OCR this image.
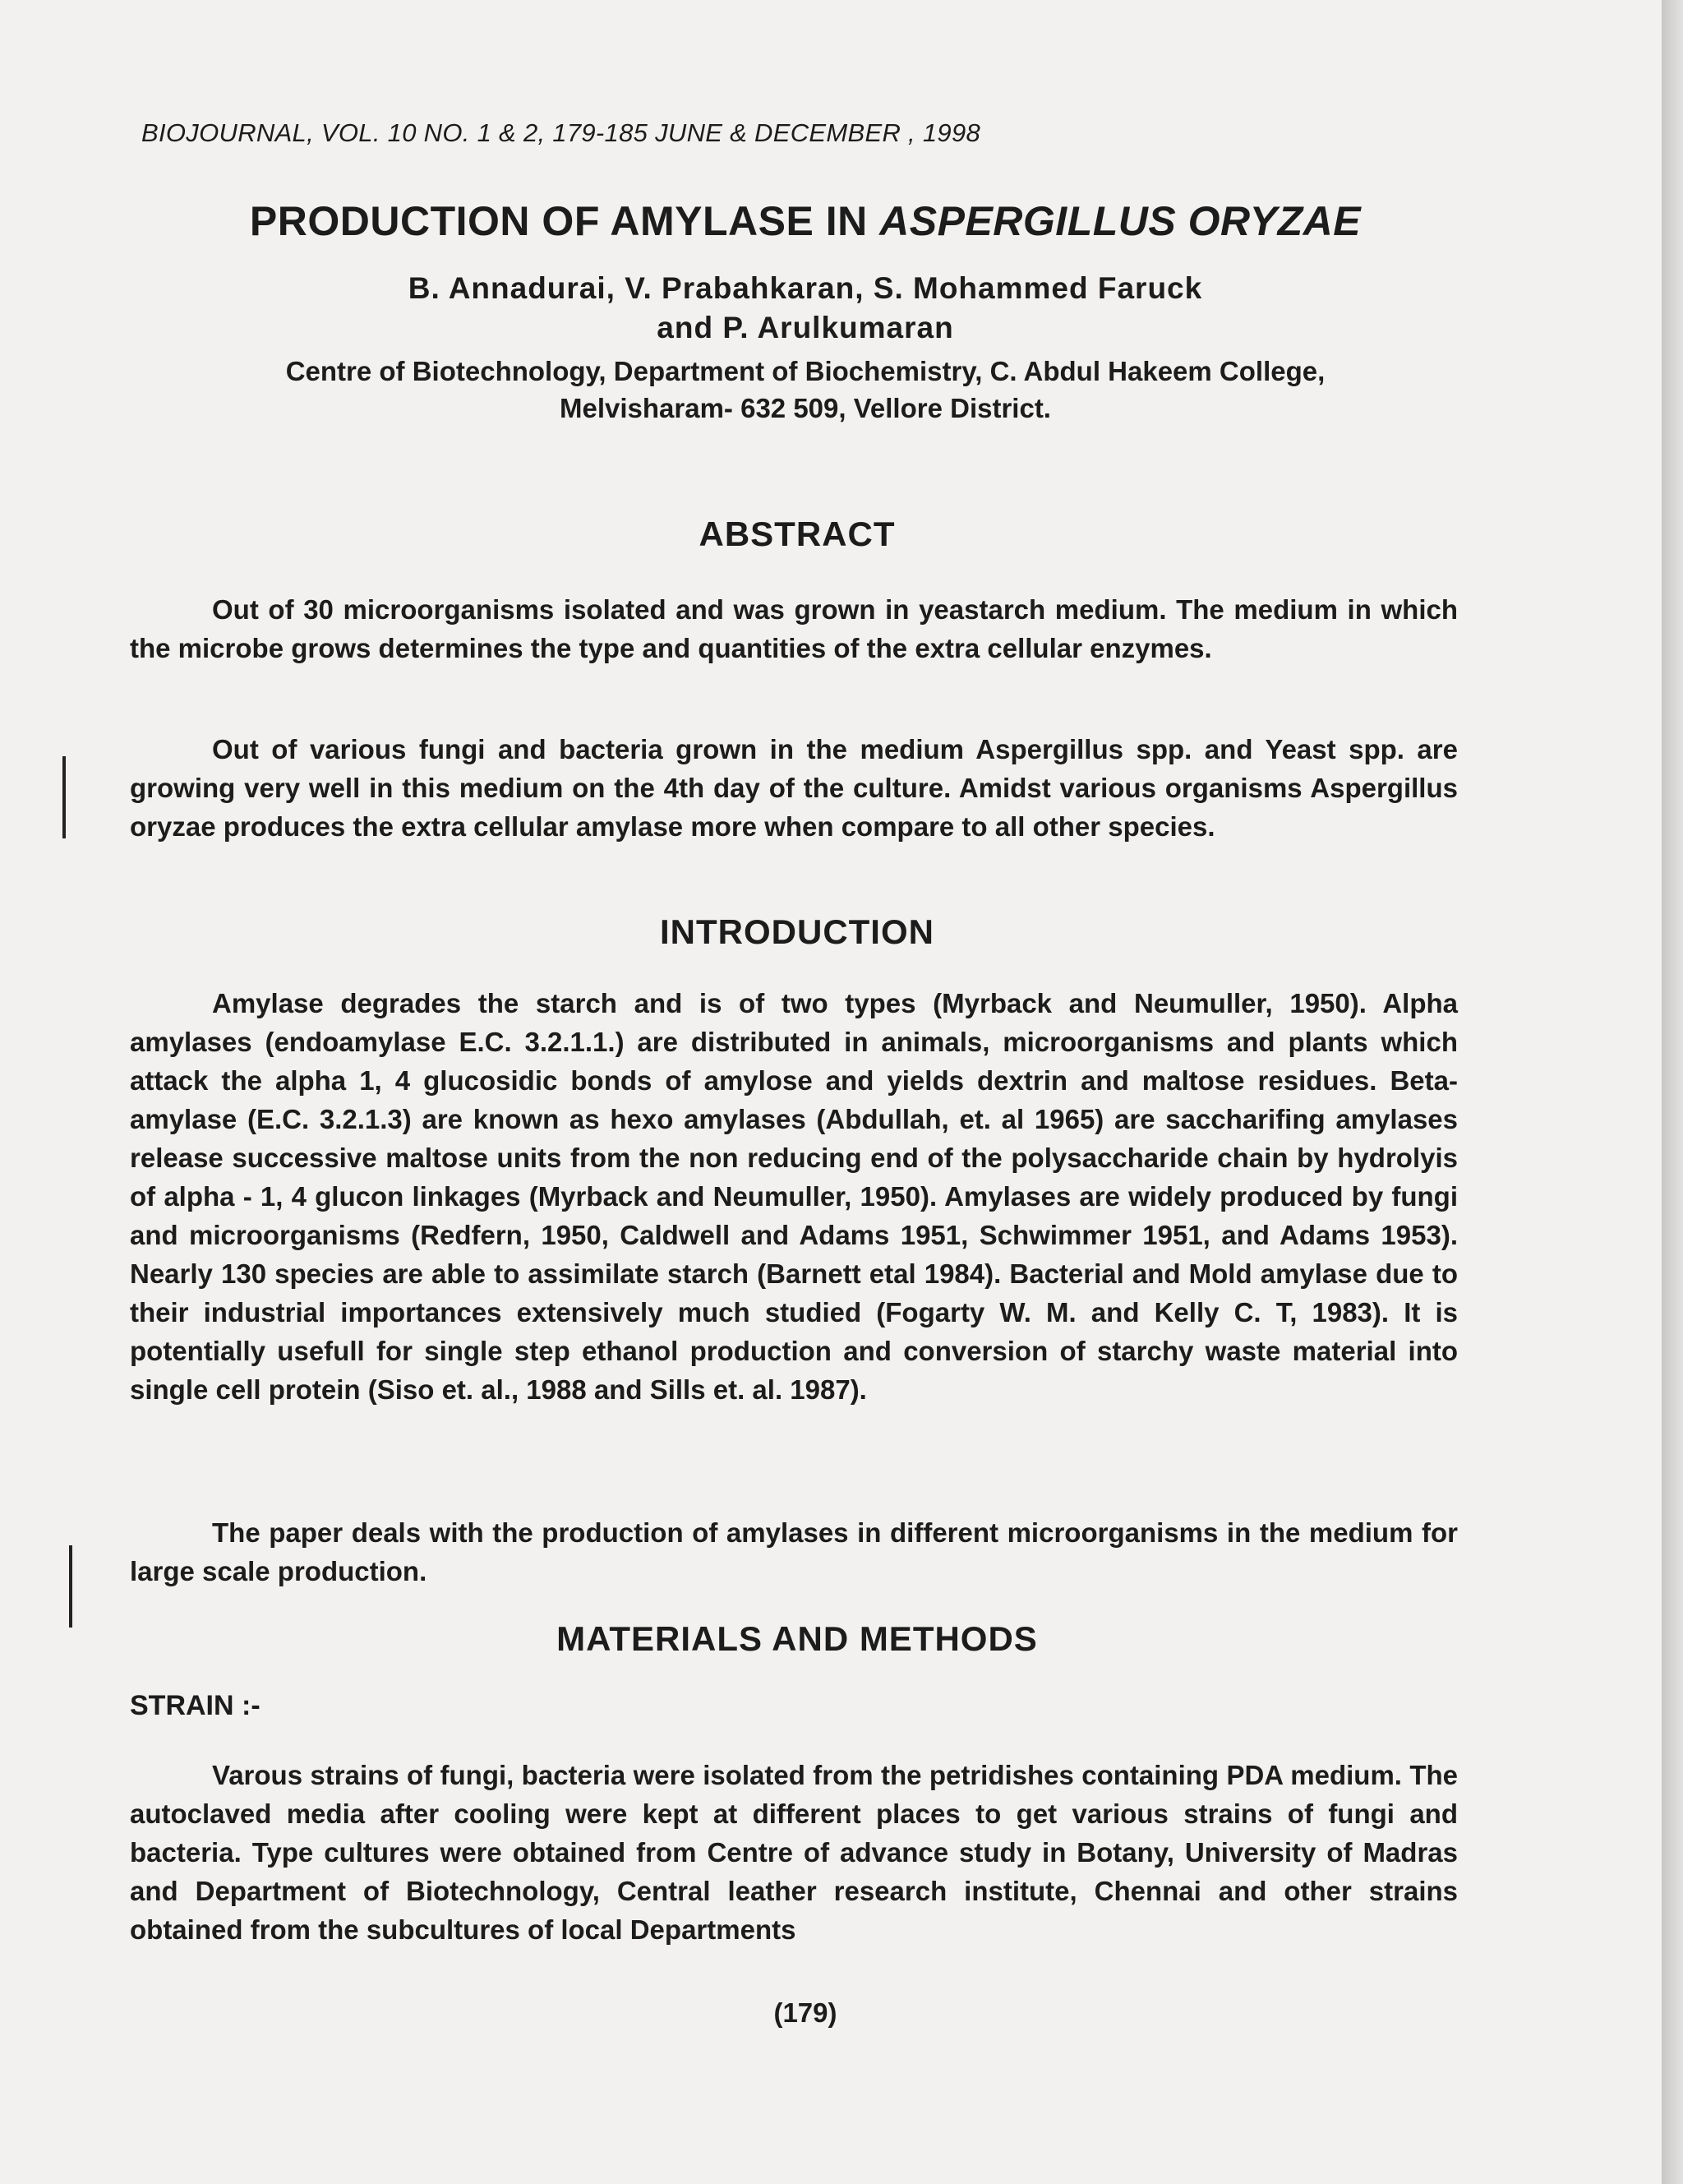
BIOJOURNAL, VOL. 10 NO. 1 & 2, 179-185 JUNE & DECEMBER , 1998
PRODUCTION OF AMYLASE IN ASPERGILLUS ORYZAE
B. Annadurai, V. Prabahkaran, S. Mohammed Faruck
and P. Arulkumaran
Centre of Biotechnology, Department of Biochemistry, C. Abdul Hakeem College,
Melvisharam- 632 509, Vellore District.
ABSTRACT

Out of 30 microorganisms isolated and was grown in yeastarch medium. The medium in which the microbe grows determines the type and quantities of the extra cellular enzymes.

Out of various fungi and bacteria grown in the medium Aspergillus spp. and Yeast spp. are growing very well in this medium on the 4th day of the culture. Amidst various organisms Aspergillus oryzae produces the extra cellular amylase more when compare to all other species.

INTRODUCTION

Amylase degrades the starch and is of two types (Myrback and Neumuller, 1950). Alpha amylases (endoamylase E.C. 3.2.1.1.) are distributed in animals, microorganisms and plants which attack the alpha 1, 4 glucosidic bonds of amylose and yields dextrin and maltose residues. Beta-amylase (E.C. 3.2.1.3) are known as hexo amylases (Abdullah, et. al 1965) are saccharifing amylases release successive maltose units from the non reducing end of the polysaccharide chain by hydrolyis of alpha - 1, 4 glucon linkages (Myrback and Neumuller, 1950). Amylases are widely produced by fungi and microorganisms (Redfern, 1950, Caldwell and Adams 1951, Schwimmer 1951, and Adams 1953). Nearly 130 species are able to assimilate starch (Barnett etal 1984). Bacterial and Mold amylase due to their industrial importances extensively much studied (Fogarty W. M. and Kelly C. T, 1983). It is potentially usefull for single step ethanol production and conversion of starchy waste material into single cell protein (Siso et. al., 1988 and Sills et. al. 1987).

The paper deals with the production of amylases in different microorganisms in the medium for large scale production.

MATERIALS AND METHODS
STRAIN :-

Varous strains of fungi, bacteria were isolated from the petridishes containing PDA medium. The autoclaved media after cooling were kept at different places to get various strains of fungi and bacteria. Type cultures were obtained from Centre of advance study in Botany, University of Madras and Department of Biotechnology, Central leather research institute, Chennai and other strains obtained from the subcultures of local Departments

(179)
